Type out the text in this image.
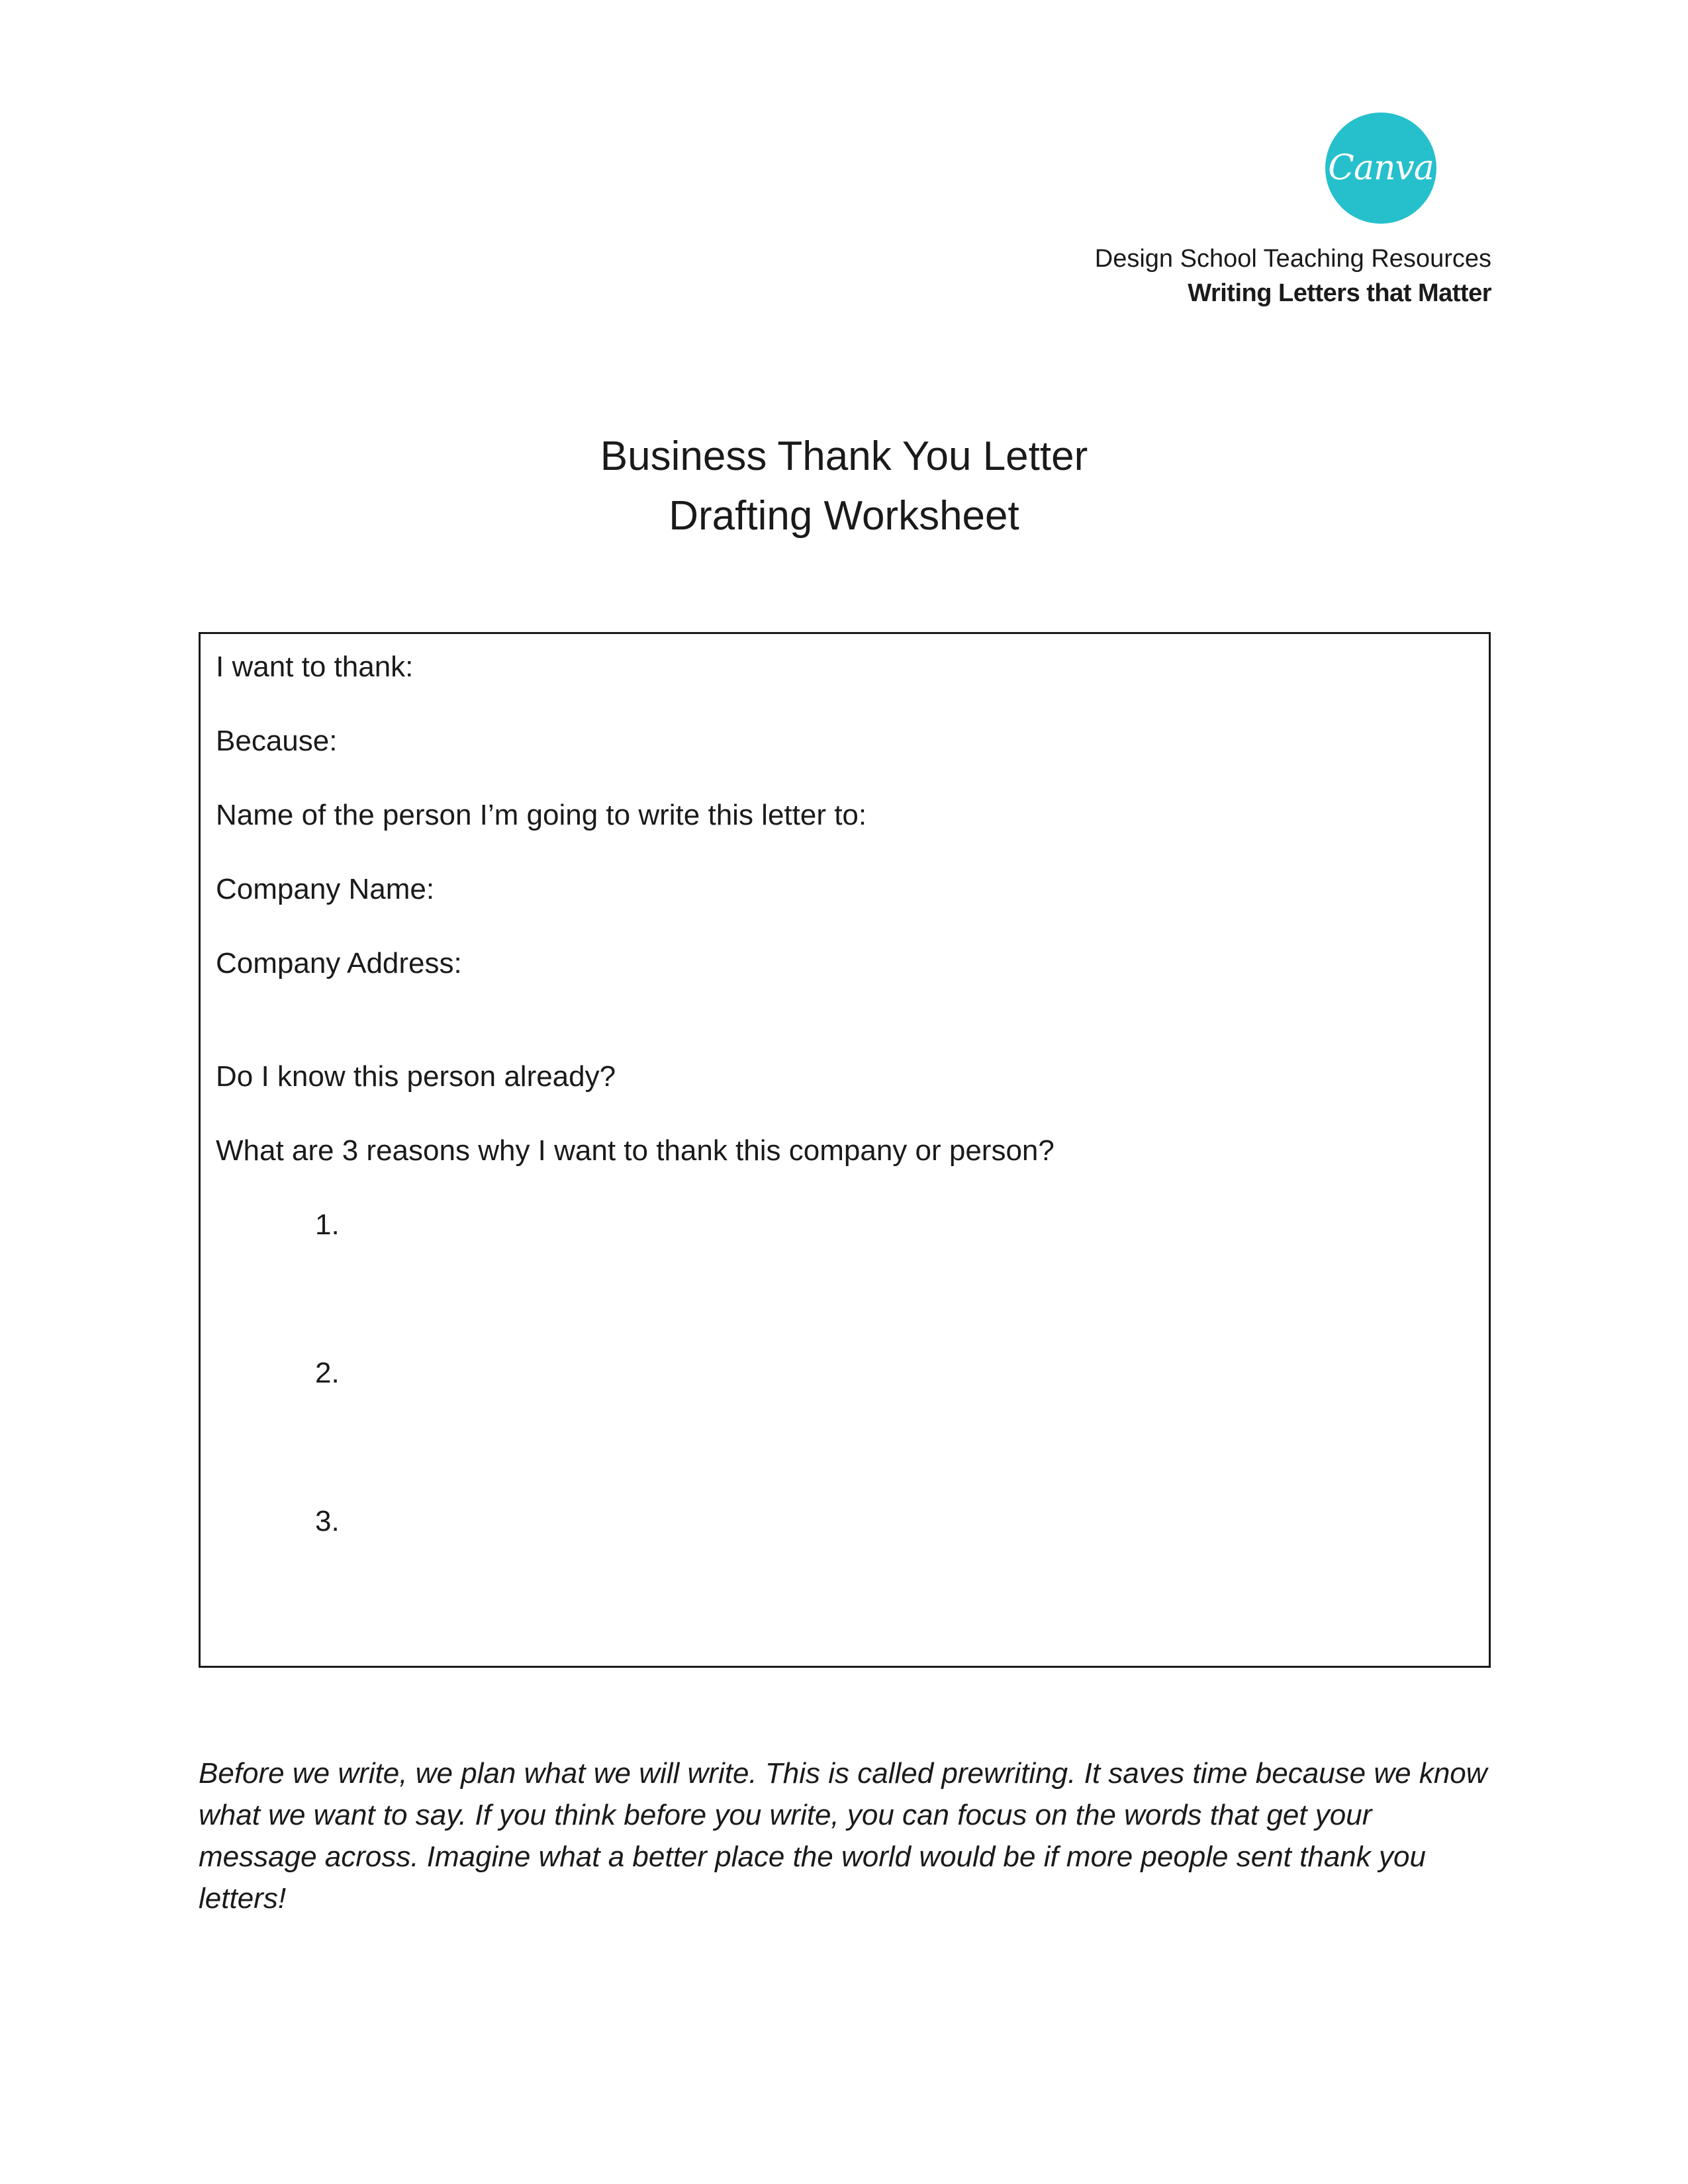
Canva
Design School Teaching Resources
Writing Letters that Matter
Business Thank You Letter
Drafting Worksheet
I want to thank:
Because:
Name of the person I’m going to write this letter to:
Company Name:
Company Address:
Do I know this person already?
What are 3 reasons why I want to thank this company or person?
1.
2.
3.
Before we write, we plan what we will write. This is called prewriting. It saves time because we know what we want to say. If you think before you write, you can focus on the words that get your message across. Imagine what a better place the world would be if more people sent thank you letters!
